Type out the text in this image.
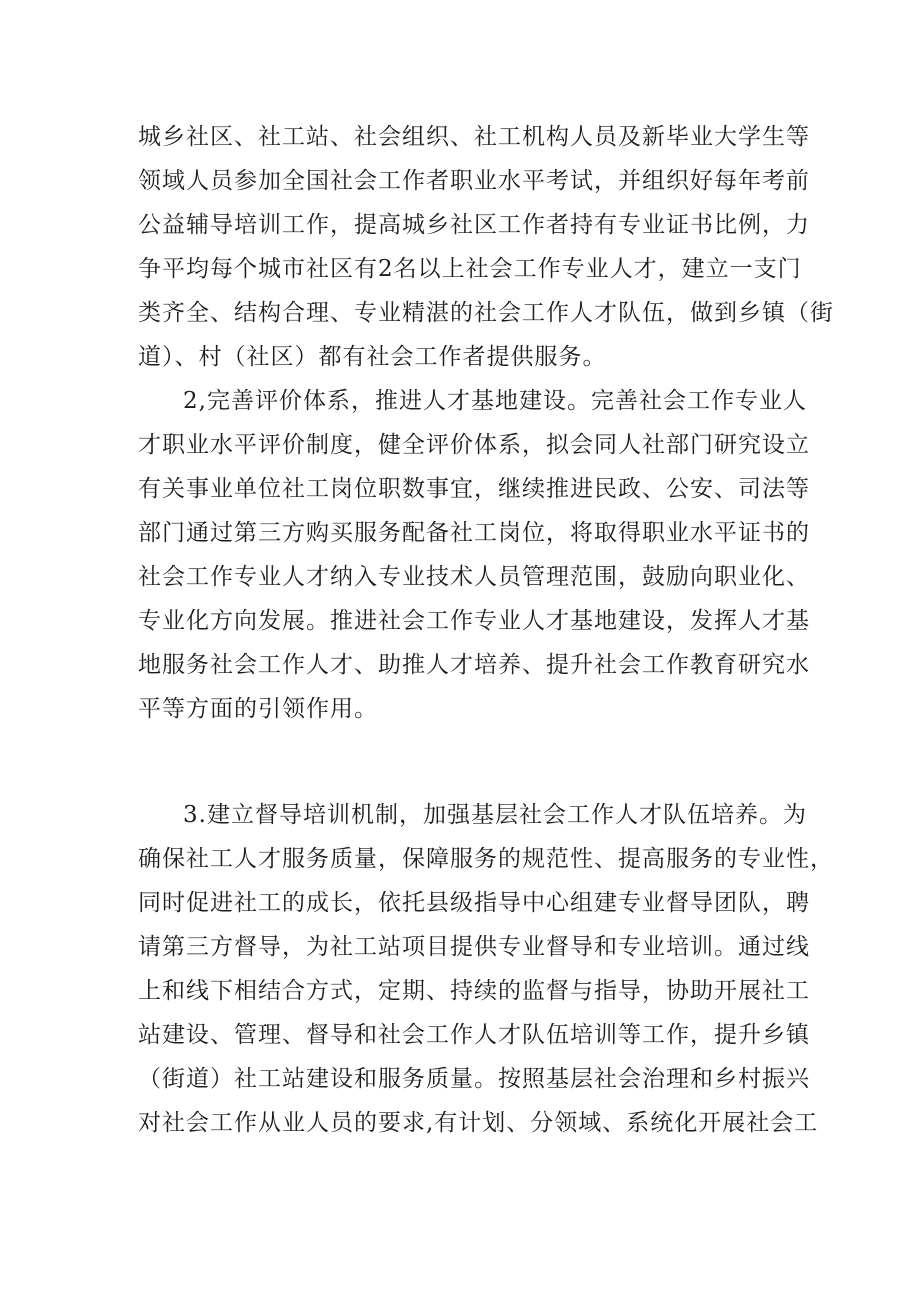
城乡社区、社工站、社会组织、社工机构人员及新毕业大学生等
领域人员参加全国社会工作者职业水平考试，并组织好每年考前
公益辅导培训工作，提高城乡社区工作者持有专业证书比例，力
争平均每个城市社区有2名以上社会工作专业人才，建立一支门
类齐全、结构合理、专业精湛的社会工作人才队伍，做到乡镇（街
道）、村（社区）都有社会工作者提供服务。
2,完善评价体系，推进人才基地建设。完善社会工作专业人
才职业水平评价制度，健全评价体系，拟会同人社部门研究设立
有关事业单位社工岗位职数事宜，继续推进民政、公安、司法等
部门通过第三方购买服务配备社工岗位，将取得职业水平证书的
社会工作专业人才纳入专业技术人员管理范围，鼓励向职业化、
专业化方向发展。推进社会工作专业人才基地建设，发挥人才基
地服务社会工作人才、助推人才培养、提升社会工作教育研究水
平等方面的引领作用。
3.建立督导培训机制，加强基层社会工作人才队伍培养。为
确保社工人才服务质量，保障服务的规范性、提高服务的专业性，
同时促进社工的成长，依托县级指导中心组建专业督导团队，聘
请第三方督导，为社工站项目提供专业督导和专业培训。通过线
上和线下相结合方式，定期、持续的监督与指导，协助开展社工
站建设、管理、督导和社会工作人才队伍培训等工作，提升乡镇
（街道）社工站建设和服务质量。按照基层社会治理和乡村振兴
对社会工作从业人员的要求,有计划、分领域、系统化开展社会工
